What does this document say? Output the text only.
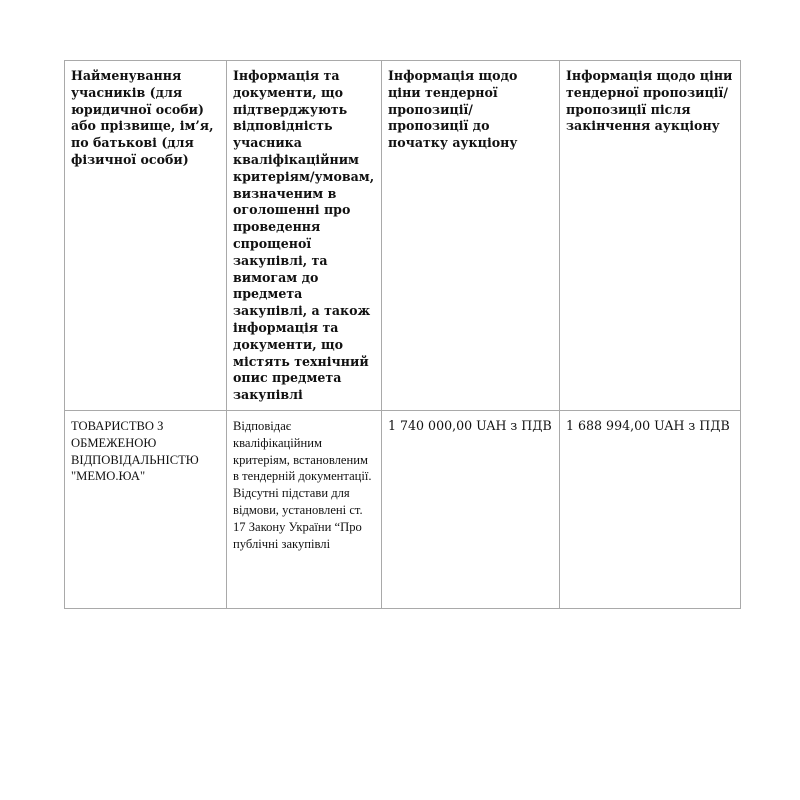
Найменування учасників (для юридичної особи) або прізвище, ім’я, по батькові (для фізичної особи)	Інформація та документи, що підтверджують відповідність учасника кваліфікаційним критеріям/умовам, визначеним в оголошенні про проведення спрощеної закупівлі, та вимогам до предмета закупівлі, а також інформація та документи, що містять технічний опис предмета закупівлі	Інформація щодо ціни тендерної пропозиції/пропозиції до початку аукціону	Інформація щодо ціни тендерної пропозиції/пропозиції після закінчення аукціону

ТОВАРИСТВО З ОБМЕЖЕНОЮ ВІДПОВІДАЛЬНІСТЮ "МЕМО.ЮА"	Відповідає кваліфікаційним критеріям, встановленим в тендерній документації. Відсутні підстави для відмови, установлені ст. 17 Закону України “Про публічні закупівлі	1 740 000,00 UAH з ПДВ	1 688 994,00 UAH з ПДВ
